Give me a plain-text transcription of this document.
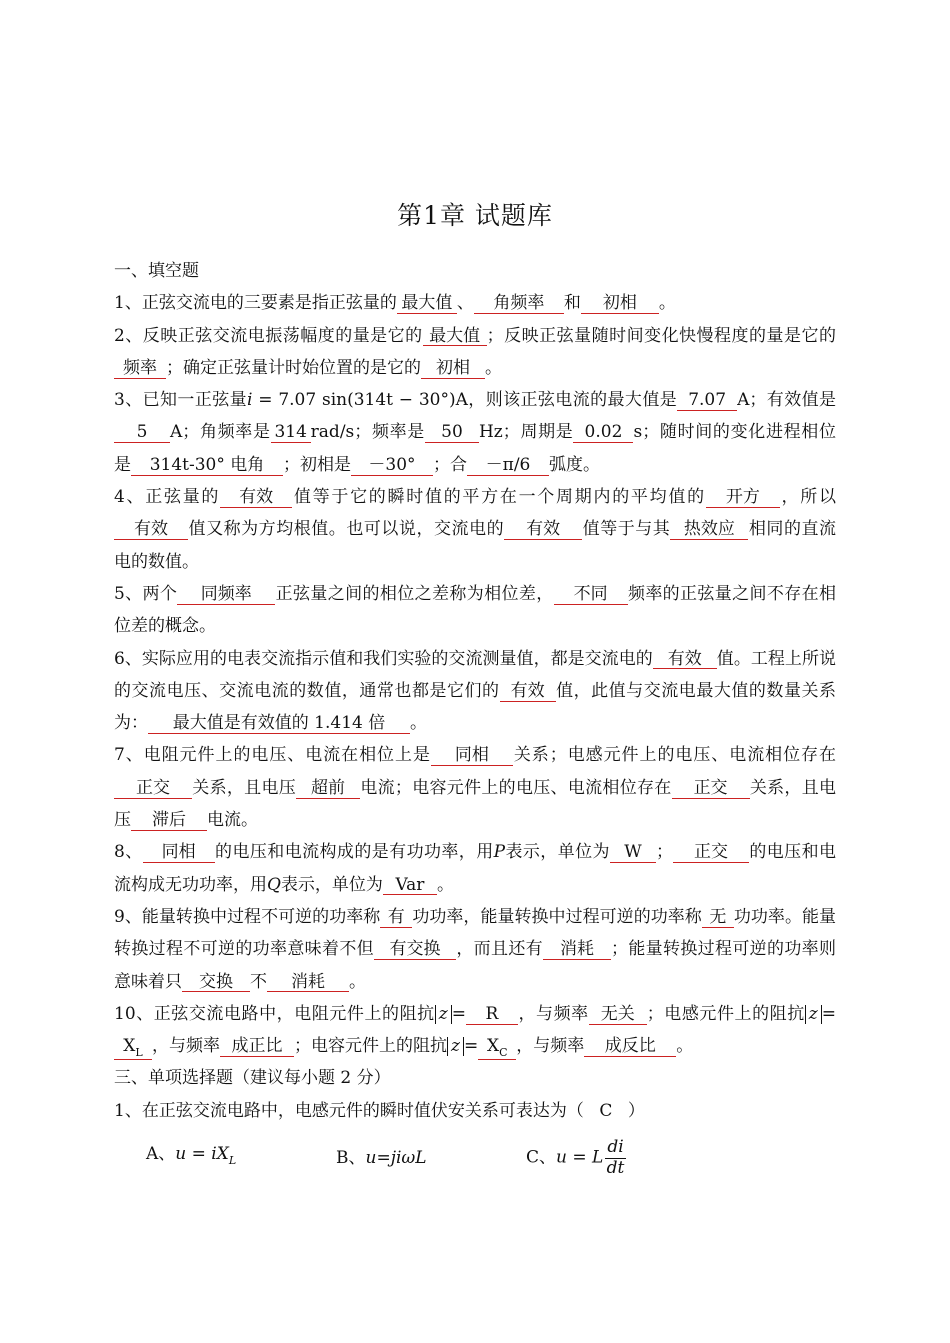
第1章 试题库

一、填空题

1、正弦交流电的三要素是指正弦量的 最大值 、 角频率 和 初相 。

2、反映正弦交流电振荡幅度的量是它的 最大值 ；反映正弦量随时间变化快慢程度的量是它的频率 ；确定正弦量计时始位置的是它的 初相 。

3、已知一正弦量i = 7.07 sin(314t − 30°)A，则该正弦电流的最大值是 7.07 A；有效值是5 A；角频率是 314 rad/s；频率是 50 Hz；周期是 0.02 s；随时间的变化进程相位是 314t-30° 电角 ；初相是 －30° ；合 －π/6 弧度。

4、正弦量的 有效 值等于它的瞬时值的平方在一个周期内的平均值的 开方 ，所以有效 值又称为方均根值。也可以说，交流电的 有效 值等于与其 热效应 相同的直流电的数值。

5、两个 同频率 正弦量之间的相位之差称为相位差， 不同 频率的正弦量之间不存在相位差的概念。

6、实际应用的电表交流指示值和我们实验的交流测量值，都是交流电的 有效 值。工程上所说的交流电压、交流电流的数值，通常也都是它们的 有效 值，此值与交流电最大值的数量关系为： 最大值是有效值的 1.414 倍 。

7、电阻元件上的电压、电流在相位上是 同相 关系；电感元件上的电压、电流相位存在正交 关系，且电压 超前 电流；电容元件上的电压、电流相位存在 正交 关系，且电压 滞后 电流。

8、 同相 的电压和电流构成的是有功功率，用P表示，单位为 W ； 正交 的电压和电流构成无功功率，用Q表示，单位为 Var 。

9、能量转换中过程不可逆的功率称 有 功功率，能量转换中过程可逆的功率称 无 功功率。能量转换过程不可逆的功率意味着不但 有交换 ，而且还有 消耗 ；能量转换过程可逆的功率则意味着只 交换 不 消耗 。

10、正弦交流电路中，电阻元件上的阻抗 z = R ，与频率 无关 ；电感元件上的阻抗 $z =X_L$ ，与频率 成正比 ；电容元件上的阻抗 $z = X_C$ ，与频率 成反比 。

三、单项选择题（建议每小题 2 分）

1、在正弦交流电路中，电感元件的瞬时值伏安关系可表达为（ C ）

A、$u = iX_L$	B、u=jiωL	C、u = L $\frac{di}{dt}$
